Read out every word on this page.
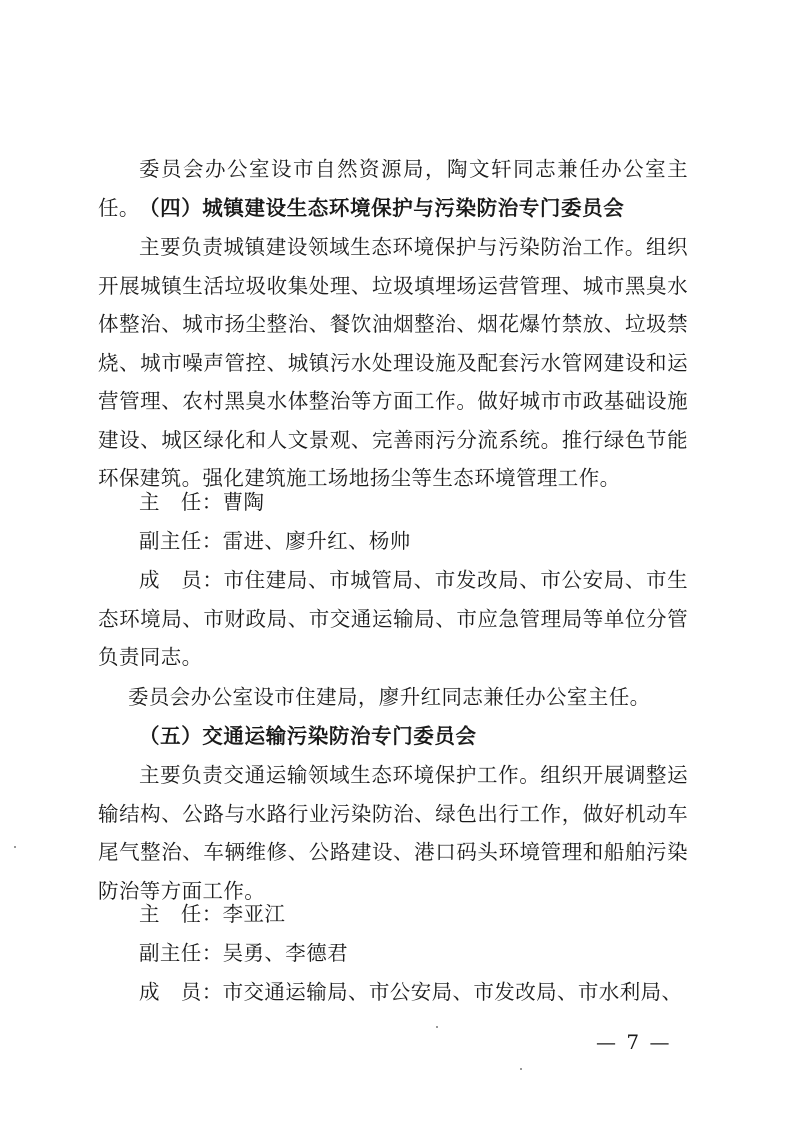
委员会办公室设市自然资源局，陶文轩同志兼任办公室主任。 （四）城镇建设生态环境保护与污染防治专门委员会

主要负责城镇建设领域生态环境保护与污染防治工作。组织开展城镇生活垃圾收集处理、垃圾填埋场运营管理、城市黑臭水体整治、城市扬尘整治、餐饮油烟整治、烟花爆竹禁放、垃圾禁烧、城市噪声管控、城镇污水处理设施及配套污水管网建设和运营管理、农村黑臭水体整治等方面工作。做好城市市政基础设施建设、城区绿化和人文景观、完善雨污分流系统。推行绿色节能环保建筑。强化建筑施工场地扬尘等生态环境管理工作。

主　任：曹陶

副主任：雷进、廖升红、杨帅

成　员：市住建局、市城管局、市发改局、市公安局、市生态环境局、市财政局、市交通运输局、市应急管理局等单位分管负责同志。

委员会办公室设市住建局，廖升红同志兼任办公室主任。

（五）交通运输污染防治专门委员会

主要负责交通运输领域生态环境保护工作。组织开展调整运输结构、公路与水路行业污染防治、绿色出行工作，做好机动车尾气整治、车辆维修、公路建设、港口码头环境管理和船舶污染防治等方面工作。

主　任：李亚江

副主任：吴勇、李德君

成　员：市交通运输局、市公安局、市发改局、市水利局、

— 7 —
